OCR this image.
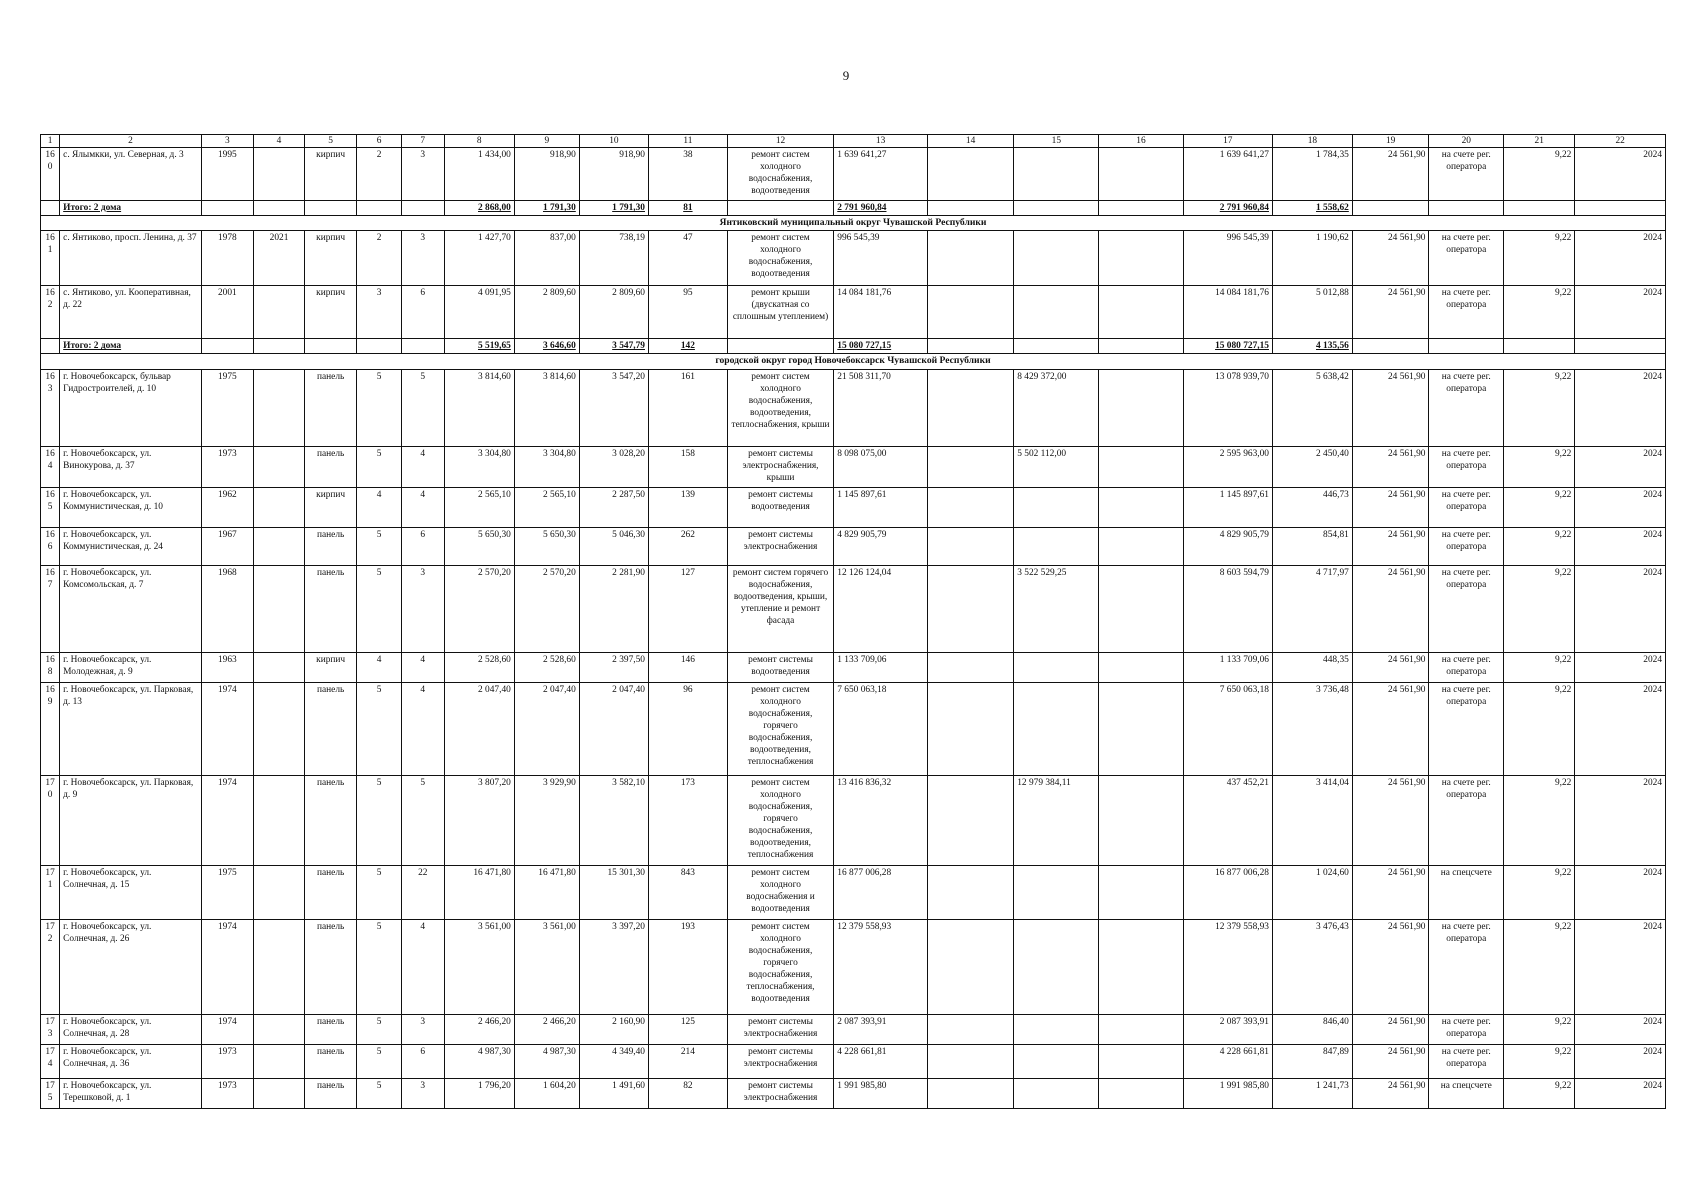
9
1	2	3	4	5	6	7	8	9	10	11	12	13	14	15	16	17	18	19	20	21	22
160	с. Ялымкки, ул. Северная, д. 3	1995		кирпич	2	3	1 434,00	918,90	918,90	38	ремонт систем холодного водоснабжения, водоотведения	1 639 641,27				1 639 641,27	1 784,35	24 561,90	на счете рег. оператора	9,22	2024
	Итого: 2 дома						2 868,00	1 791,30	1 791,30	81		2 791 960,84				2 791 960,84	1 558,62				
Янтиковский муниципальный округ Чувашской Республики																					
161	с. Янтиково, просп. Ленина, д. 37	1978	2021	кирпич	2	3	1 427,70	837,00	738,19	47	ремонт систем холодного водоснабжения, водоотведения	996 545,39				996 545,39	1 190,62	24 561,90	на счете рег. оператора	9,22	2024
162	с. Янтиково, ул. Кооперативная, д. 22	2001		кирпич	3	6	4 091,95	2 809,60	2 809,60	95	ремонт крыши (двускатная со сплошным утеплением)	14 084 181,76				14 084 181,76	5 012,88	24 561,90	на счете рег. оператора	9,22	2024
	Итого: 2 дома						5 519,65	3 646,60	3 547,79	142		15 080 727,15				15 080 727,15	4 135,56				
городской округ город Новочебоксарск Чувашской Республики																					
163	г. Новочебоксарск, бульвар Гидростроителей, д. 10	1975		панель	5	5	3 814,60	3 814,60	3 547,20	161	ремонт систем холодного водоснабжения, водоотведения, теплоснабжения, крыши	21 508 311,70		8 429 372,00		13 078 939,70	5 638,42	24 561,90	на счете рег. оператора	9,22	2024
164	г. Новочебоксарск, ул. Винокурова, д. 37	1973		панель	5	4	3 304,80	3 304,80	3 028,20	158	ремонт системы электроснабжения, крыши	8 098 075,00		5 502 112,00		2 595 963,00	2 450,40	24 561,90	на счете рег. оператора	9,22	2024
165	г. Новочебоксарск, ул. Коммунистическая, д. 10	1962		кирпич	4	4	2 565,10	2 565,10	2 287,50	139	ремонт системы водоотведения	1 145 897,61				1 145 897,61	446,73	24 561,90	на счете рег. оператора	9,22	2024
166	г. Новочебоксарск, ул. Коммунистическая, д. 24	1967		панель	5	6	5 650,30	5 650,30	5 046,30	262	ремонт системы электроснабжения	4 829 905,79				4 829 905,79	854,81	24 561,90	на счете рег. оператора	9,22	2024
167	г. Новочебоксарск, ул. Комсомольская, д. 7	1968		панель	5	3	2 570,20	2 570,20	2 281,90	127	ремонт систем горячего водоснабжения, водоотведения, крыши, утепление и ремонт фасада	12 126 124,04		3 522 529,25		8 603 594,79	4 717,97	24 561,90	на счете рег. оператора	9,22	2024
168	г. Новочебоксарск, ул. Молодежная, д. 9	1963		кирпич	4	4	2 528,60	2 528,60	2 397,50	146	ремонт системы водоотведения	1 133 709,06				1 133 709,06	448,35	24 561,90	на счете рег. оператора	9,22	2024
169	г. Новочебоксарск, ул. Парковая, д. 13	1974		панель	5	4	2 047,40	2 047,40	2 047,40	96	ремонт систем холодного водоснабжения, горячего водоснабжения, водоотведения, теплоснабжения	7 650 063,18				7 650 063,18	3 736,48	24 561,90	на счете рег. оператора	9,22	2024
170	г. Новочебоксарск, ул. Парковая, д. 9	1974		панель	5	5	3 807,20	3 929,90	3 582,10	173	ремонт систем холодного водоснабжения, горячего водоснабжения, водоотведения, теплоснабжения	13 416 836,32		12 979 384,11		437 452,21	3 414,04	24 561,90	на счете рег. оператора	9,22	2024
171	г. Новочебоксарск, ул. Солнечная, д. 15	1975		панель	5	22	16 471,80	16 471,80	15 301,30	843	ремонт систем холодного водоснабжения и водоотведения	16 877 006,28				16 877 006,28	1 024,60	24 561,90	на спецсчете	9,22	2024
172	г. Новочебоксарск, ул. Солнечная, д. 26	1974		панель	5	4	3 561,00	3 561,00	3 397,20	193	ремонт систем холодного водоснабжения, горячего водоснабжения, теплоснабжения, водоотведения	12 379 558,93				12 379 558,93	3 476,43	24 561,90	на счете рег. оператора	9,22	2024
173	г. Новочебоксарск, ул. Солнечная, д. 28	1974		панель	5	3	2 466,20	2 466,20	2 160,90	125	ремонт системы электроснабжения	2 087 393,91				2 087 393,91	846,40	24 561,90	на счете рег. оператора	9,22	2024
174	г. Новочебоксарск, ул. Солнечная, д. 36	1973		панель	5	6	4 987,30	4 987,30	4 349,40	214	ремонт системы электроснабжения	4 228 661,81				4 228 661,81	847,89	24 561,90	на счете рег. оператора	9,22	2024
175	г. Новочебоксарск, ул. Терешковой, д. 1	1973		панель	5	3	1 796,20	1 604,20	1 491,60	82	ремонт системы электроснабжения	1 991 985,80				1 991 985,80	1 241,73	24 561,90	на спецсчете	9,22	2024
